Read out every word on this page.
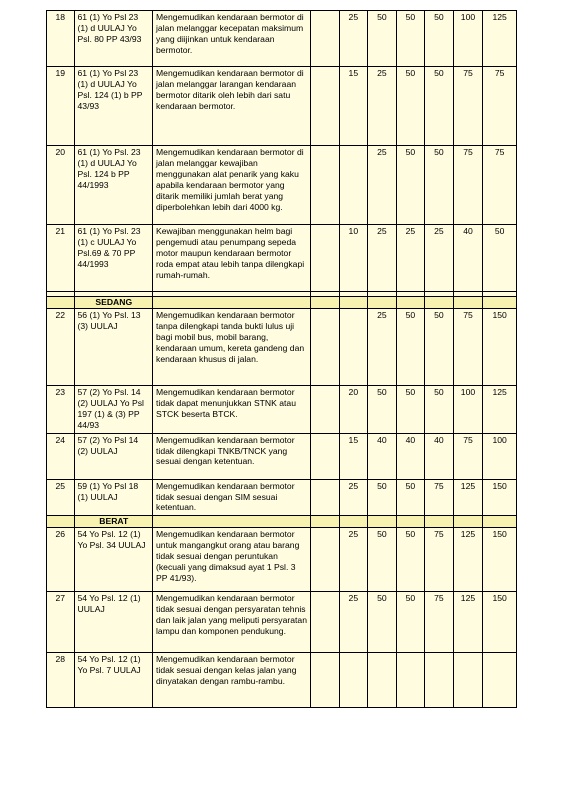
18	61 (1) Yo Psl 23 (1) d UULAJ Yo Psl. 80 PP 43/93	Mengemudikan kendaraan bermotor di jalan melanggar kecepatan maksimum yang diijinkan untuk kendaraan bermotor.		25	50	50	50	100	125
19	61 (1) Yo Psl 23 (1) d UULAJ Yo Psl. 124 (1) b PP 43/93	Mengemudikan kendaraan bermotor di jalan melanggar larangan kendaraan bermotor ditarik oleh lebih dari satu kendaraan bermotor.		15	25	50	50	75	75
20	61 (1) Yo Psl. 23 (1) d UULAJ Yo Psl. 124 b PP 44/1993	Mengemudikan kendaraan bermotor di jalan melanggar kewajiban menggunakan alat penarik yang kaku apabila kendaraan bermotor yang ditarik memiliki jumlah berat yang diperbolehkan lebih dari 4000 kg.			25	50	50	75	75
21	61 (1) Yo Psl. 23 (1) c UULAJ Yo Psl.69 & 70 PP 44/1993	Kewajiban menggunakan helm bagi pengemudi atau penumpang sepeda motor maupun kendaraan bermotor roda empat atau lebih tanpa dilengkapi rumah-rumah.		10	25	25	25	40	50

	SEDANG								
22	56 (1) Yo Psl. 13 (3) UULAJ	Mengemudikan kendaraan bermotor tanpa dilengkapi tanda bukti lulus uji bagi mobil bus, mobil barang, kendaraan umum, kereta gandeng dan kendaraan khusus di jalan.			25	50	50	75	150
23	57 (2) Yo Psl. 14 (2) UULAJ Yo Psl 197 (1) & (3) PP 44/93	Mengemudikan kendaraan bermotor tidak dapat menunjukkan STNK atau STCK beserta BTCK.		20	50	50	50	100	125
24	57 (2) Yo Psl 14 (2) UULAJ	Mengemudikan kendaraan bermotor tidak dilengkapi TNKB/TNCK yang sesuai dengan ketentuan.		15	40	40	40	75	100
25	59 (1) Yo Psl 18 (1) UULAJ	Mengemudikan kendaraan bermotor tidak sesuai dengan SIM sesuai ketentuan.		25	50	50	75	125	150
	BERAT								
26	54 Yo Psl. 12 (1) Yo Psl. 34 UULAJ	Mengemudikan kendaraan bermotor untuk mangangkut orang atau barang tidak sesuai dengan peruntukan (kecuali yang dimaksud ayat 1 Psl. 3 PP 41/93).		25	50	50	75	125	150
27	54 Yo Psl. 12 (1) UULAJ	Mengemudikan kendaraan bermotor tidak sesuai dengan persyaratan tehnis dan laik jalan yang meliputi persyaratan lampu dan komponen pendukung.		25	50	50	75	125	150
28	54 Yo Psl. 12 (1) Yo Psl. 7 UULAJ	Mengemudikan kendaraan bermotor tidak sesuai dengan kelas jalan yang dinyatakan dengan rambu-rambu.							
